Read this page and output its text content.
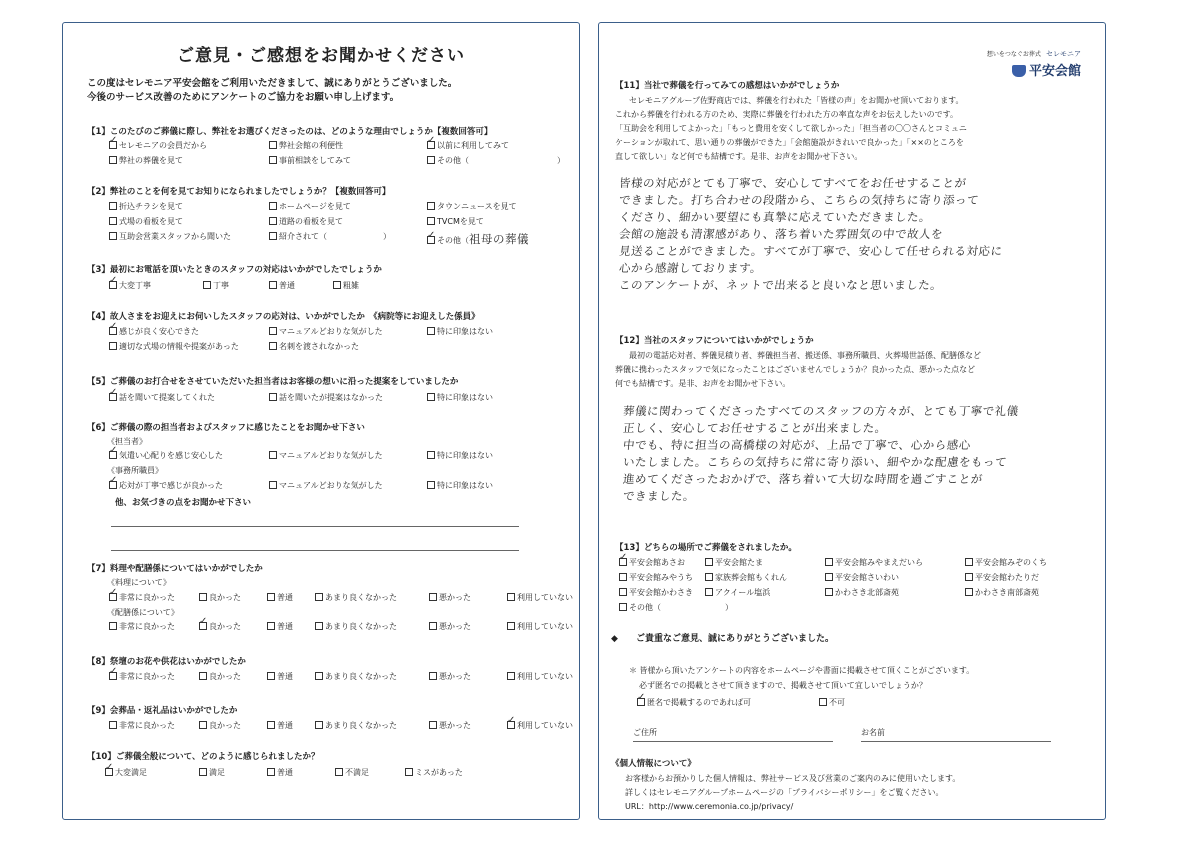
ご意見・ご感想をお聞かせください
この度はセレモニア平安会館をご利用いただきまして、誠にありがとうございました。
今後のサービス改善のためにアンケートのご協力をお願い申し上げます。
【1】このたびのご葬儀に際し、弊社をお選びくださったのは、どのような理由でしょうか【複数回答可】
✓セレモニアの会員だから	弊社会館の利便性 ✓	以前に利用してみて
弊社の葬儀を見て	事前相談をしてみて	その他（　　　　　　　　　　　）
【2】弊社のことを何を見てお知りになられましたでしょうか？【複数回答可】
折込チラシを見て	ホームページを見て	タウンニュースを見て
式場の看板を見て	道路の看板を見て	TVCMを見て
互助会営業スタッフから聞いた	紹介されて（　　　　　　　） ✓	その他（祖母の葬儀
【3】最初にお電話を頂いたときのスタッフの対応はいかがでしたでしょうか
✓大変丁寧	丁寧	普通	粗雑
【4】故人さまをお迎えにお伺いしたスタッフの応対は、いかがでしたか　《病院等にお迎えした係員》
✓感じが良く安心できた	マニュアルどおりな気がした	特に印象はない
適切な式場の情報や提案があった	名刺を渡されなかった
【5】ご葬儀のお打合せをさせていただいた担当者はお客様の想いに沿った提案をしていましたか
✓話を聞いて提案してくれた	話を聞いたが提案はなかった	特に印象はない
【6】ご葬儀の際の担当者およびスタッフに感じたことをお聞かせ下さい
《担当者》
✓気遣い心配りを感じ安心した	マニュアルどおりな気がした	特に印象はない
《事務所職員》
✓応対が丁寧で感じが良かった	マニュアルどおりな気がした	特に印象はない
他、お気づきの点をお聞かせ下さい
【7】料理や配膳係についてはいかがでしたか
《料理について》
《配膳係について》
【8】祭壇のお花や供花はいかがでしたか
【9】会葬品・返礼品はいかがでしたか
【10】ご葬儀全般について、どのように感じられましたか？
✓大変満足	満足	普通	不満足	ミスがあった
✓非常に良かった	良かった	普通	あまり良くなかった	悪かった	利用していない
非常に良かった ✓	良かった	普通	あまり良くなかった	悪かった	利用していない
✓非常に良かった	良かった	普通	あまり良くなかった	悪かった	利用していない
非常に良かった	良かった	普通	あまり良くなかった	悪かった ✓	利用していない
想いをつなぐお葬式 セレモニア
平安会館
【11】当社で葬儀を行ってみての感想はいかがでしょうか
セレモニアグループ佐野商店では、葬儀を行われた「皆様の声」をお聞かせ頂いております。
これから葬儀を行われる方のため、実際に葬儀を行われた方の率直な声をお伝えしたいのです。
「互助会を利用してよかった」「もっと費用を安くして欲しかった」「担当者の〇〇さんとコミュニ
ケーションが取れて、思い通りの葬儀ができた」「会館施設がきれいで良かった」「××のところを
直して欲しい」など何でも結構です。是非、お声をお聞かせ下さい。
【12】当社のスタッフについてはいかがでしょうか
最初の電話応対者、葬儀見積り者、葬儀担当者、搬送係、事務所職員、火葬場世話係、配膳係など
葬儀に携わったスタッフで気になったことはございませんでしょうか？良かった点、悪かった点など
何でも結構です。是非、お声をお聞かせ下さい。
【13】どちらの場所でご葬儀をされましたか。
◆　　 ご貴重なご意見、誠にありがとうございました。
＊ 皆様から頂いたアンケートの内容をホームページや書面に掲載させて頂くことがございます。
必ず匿名での掲載とさせて頂きますので、掲載させて頂いて宜しいでしょうか？
✓匿名で掲載するのであれば可	不可
ご住所	お名前
《個人情報について》
お客様からお預かりした個人情報は、弊社サービス及び営業のご案内のみに使用いたします。
詳しくはセレモニアグループホームページの「プライバシーポリシー」をご覧ください。
URL：http://www.ceremonia.co.jp/privacy/
皆様の対応がとても丁寧で、安心してすべてをお任せすることが
できました。打ち合わせの段階から、こちらの気持ちに寄り添って
くださり、細かい要望にも真摯に応えていただきました。
会館の施設も清潔感があり、落ち着いた雰囲気の中で故人を
見送ることができました。すべてが丁寧で、安心して任せられる対応に
心から感謝しております。
このアンケートが、ネットで出来ると良いなと思いました。
葬儀に関わってくださったすべてのスタッフの方々が、とても丁寧で礼儀
正しく、安心してお任せすることが出来ました。
中でも、特に担当の高橋様の対応が、上品で丁寧で、心から感心
いたしました。こちらの気持ちに常に寄り添い、細やかな配慮をもって
進めてくださったおかげで、落ち着いて大切な時間を過ごすことが
できました。
✓平安会館あさお	平安会館たま	平安会館みやまえだいら	平安会館みぞのくち
平安会館みやうち	家族葬会館もくれん	平安会館さいわい	平安会館わたりだ
平安会館かわさき	アクイール塩浜	かわさき北部斎苑	かわさき南部斎苑
その他（　　　　　　　　）
